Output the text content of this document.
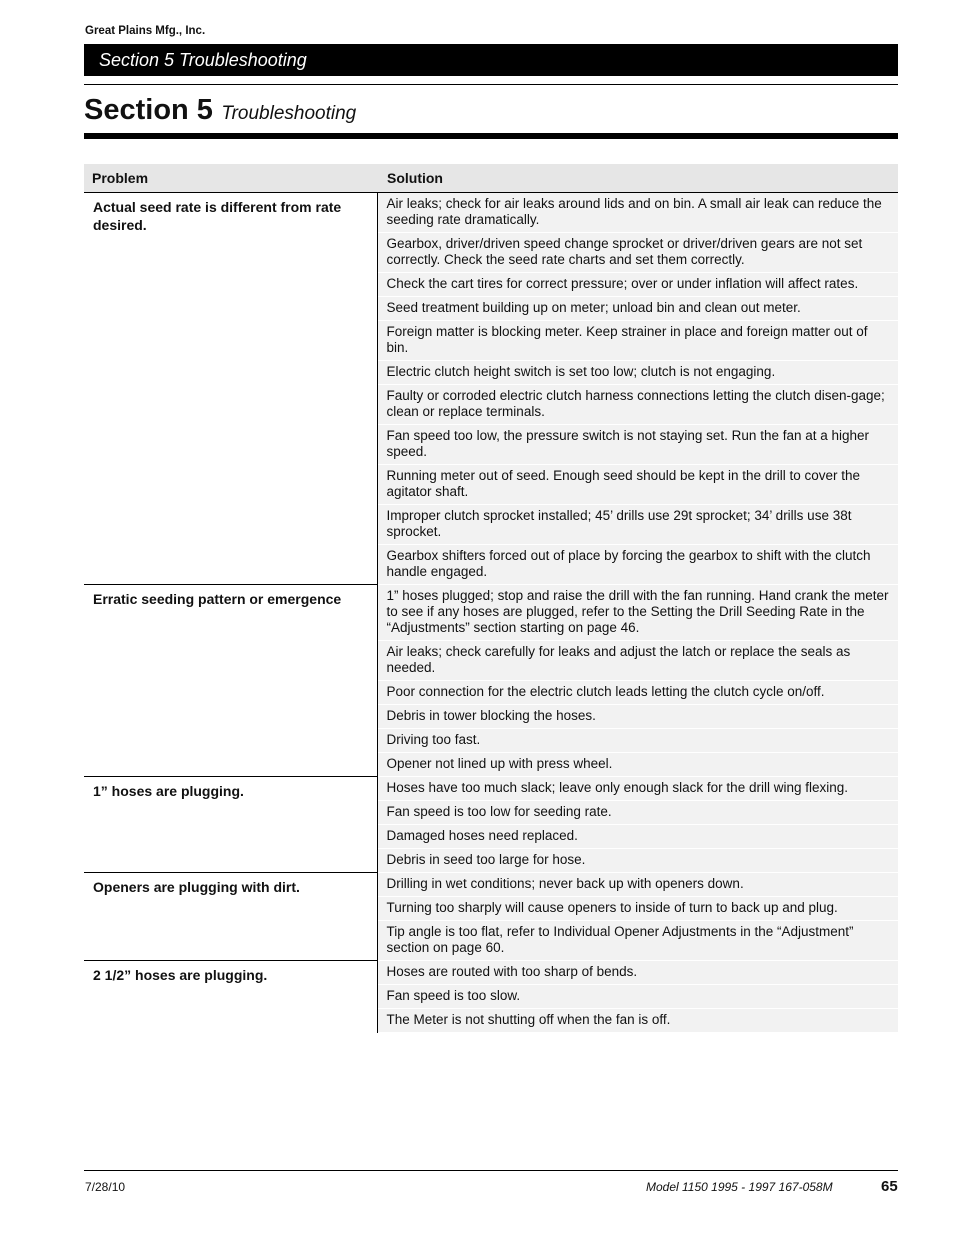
Great Plains Mfg., Inc.
Section 5 Troubleshooting
Section 5 Troubleshooting
Problem	Solution
Actual seed rate is different from rate desired.	Air leaks; check for air leaks around lids and on bin. A small air leak can reduce the seeding rate dramatically.
	Gearbox, driver/driven speed change sprocket or driver/driven gears are not set correctly. Check the seed rate charts and set them correctly.
	Check the cart tires for correct pressure; over or under inflation will affect rates.
	Seed treatment building up on meter; unload bin and clean out meter.
	Foreign matter is blocking meter. Keep strainer in place and foreign matter out of bin.
	Electric clutch height switch is set too low; clutch is not engaging.
	Faulty or corroded electric clutch harness connections letting the clutch disen-gage; clean or replace terminals.
	Fan speed too low, the pressure switch is not staying set. Run the fan at a higher speed.
	Running meter out of seed. Enough seed should be kept in the drill to cover the agitator shaft.
	Improper clutch sprocket installed; 45’ drills use 29t sprocket; 34’ drills use 38t sprocket.
	Gearbox shifters forced out of place by forcing the gearbox to shift with the clutch handle engaged.
Erratic seeding pattern or emergence	1” hoses plugged; stop and raise the drill with the fan running. Hand crank the meter to see if any hoses are plugged, refer to the Setting the Drill Seeding Rate in the “Adjustments” section starting on page 46.
	Air leaks; check carefully for leaks and adjust the latch or replace the seals as needed.
	Poor connection for the electric clutch leads letting the clutch cycle on/off.
	Debris in tower blocking the hoses.
	Driving too fast.
	Opener not lined up with press wheel.
1” hoses are plugging.	Hoses have too much slack; leave only enough slack for the drill wing flexing.
	Fan speed is too low for seeding rate.
	Damaged hoses need replaced.
	Debris in seed too large for hose.
Openers are plugging with dirt.	Drilling in wet conditions; never back up with openers down.
	Turning too sharply will cause openers to inside of turn to back up and plug.
	Tip angle is too flat, refer to Individual Opener Adjustments in the “Adjustment” section on page 60.
2 1/2” hoses are plugging.	Hoses are routed with too sharp of bends.
	Fan speed is too slow.
	The Meter is not shutting off when the fan is off.
7/28/10	Model 1150 1995 - 1997 167-058M	65
